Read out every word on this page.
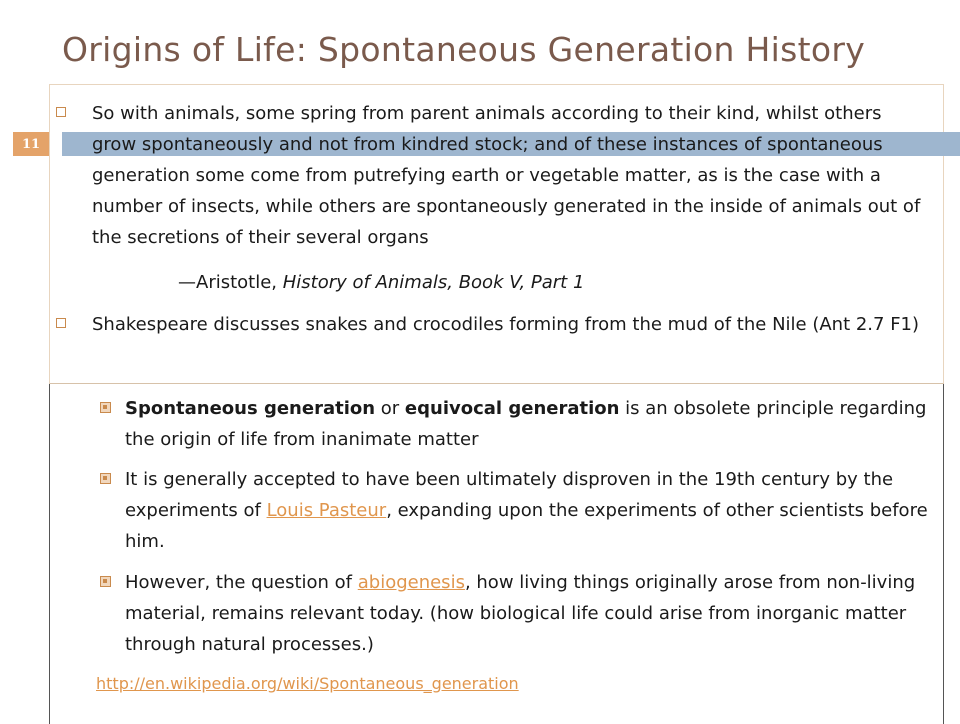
Origins of Life: Spontaneous Generation History
11
So with animals, some spring from parent animals according to their kind, whilst others grow spontaneously and not from kindred stock; and of these instances of spontaneous generation some come from putrefying earth or vegetable matter, as is the case with a number of insects, while others are spontaneously generated in the inside of animals out of the secretions of their several organs
—Aristotle, History of Animals, Book V, Part 1
Shakespeare discusses snakes and crocodiles forming from the mud of the Nile (Ant 2.7 F1)
Spontaneous generation or equivocal generation is an obsolete principle regarding the origin of life from inanimate matter
It is generally accepted to have been ultimately disproven in the 19th century by the experiments of Louis Pasteur, expanding upon the experiments of other scientists before him.
However, the question of abiogenesis, how living things originally arose from non-living material, remains relevant today. (how biological life could arise from inorganic matter through natural processes.)
http://en.wikipedia.org/wiki/Spontaneous_generation
